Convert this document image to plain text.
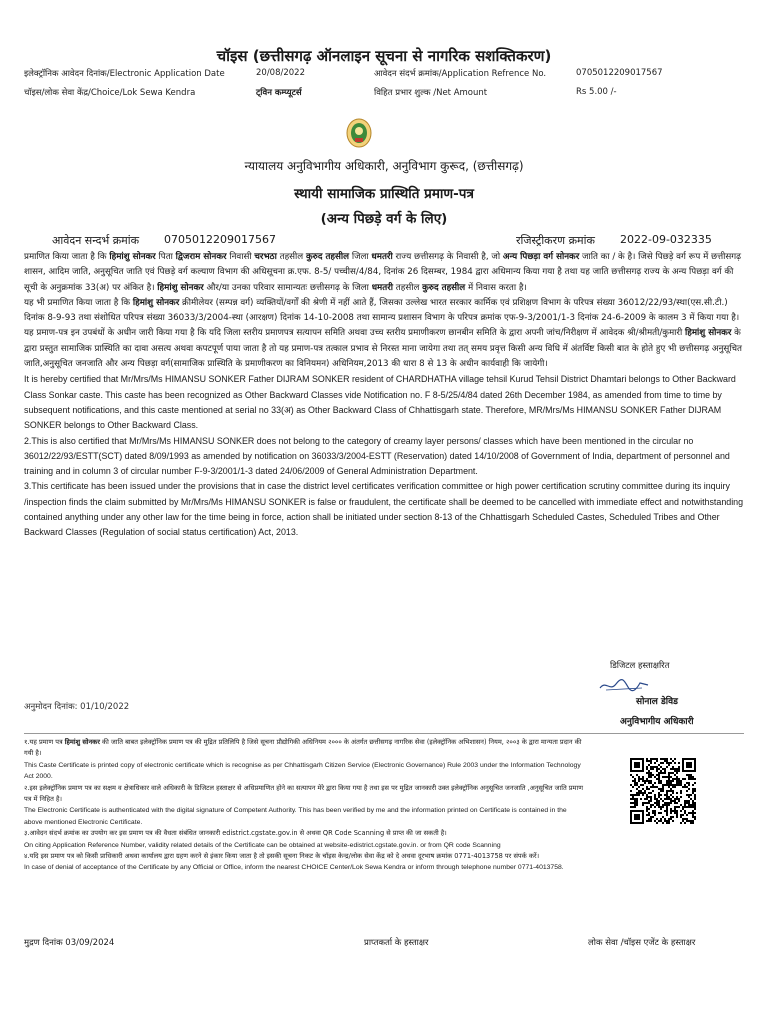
चॉइस (छत्तीसगढ़ ऑनलाइन सूचना से नागरिक सशक्तिकरण)
इलेक्ट्रॉनिक आवेदन दिनांक/Electronic Application Date	20/08/2022	आवेदन संदर्भ क्रमांक/Application Refrence No.	070501220901756​7
चॉइस/लोक सेवा केंद्र/Choice/Lok Sewa Kendra	ट्विन कम्प्यूटर्स	विहित प्रभार शुल्क /Net Amount	Rs 5.00 /-
न्यायालय अनुविभागीय अधिकारी, अनुविभाग कुरूद, (छत्तीसगढ़)
स्थायी सामाजिक प्रास्थिति प्रमाण-पत्र
(अन्य पिछड़े वर्ग के लिए)
आवेदन सन्दर्भ क्रमांक 0705012209017567	रजिस्ट्रीकरण क्रमांक 2022-09-032335

प्रमाणित किया जाता है कि हिमांशु सोनकर पिता द्विजराम सोनकर निवासी चरभठा तहसील कुरुद तहसील जिला धमतरी राज्य छत्तीसगढ़ के निवासी है, जो अन्य पिछड़ा वर्ग सोनकर जाति का / के है। जिसे पिछड़े वर्ग रूप में छत्तीसगढ़ शासन, आदिम जाति, अनुसूचित जाति एवं पिछड़े वर्ग कल्याण विभाग की अधिसूचना क्र.एफ. 8-5/ पच्चीस/4/84, दिनांक 26 दिसम्बर, 1984 द्वारा अधिमान्य किया गया है तथा यह जाति छत्तीसगढ़ राज्य के अन्य पिछड़ा वर्ग की सूची के अनुक्रमांक 33(अ) पर अंकित है। हिमांशु सोनकर और/या उनका परिवार सामान्यतः छत्तीसगढ़ के जिला धमतरी तहसील कुरुद तहसील में निवास करता है।

यह भी प्रमाणित किया जाता है कि हिमांशु सोनकर क्रीमीलेयर (सम्पन्न वर्ग) व्यक्तियों/वर्गों की श्रेणी में नहीं आते हैं, जिसका उल्लेख भारत सरकार कार्मिक एवं प्रशिक्षण विभाग के परिपत्र संख्या 36012/22/93/स्था(एस.सी.टी.) दिनांक 8-9-93 तथा संशोधित परिपत्र संख्या 36033/3/2004-स्था (आरक्षण) दिनांक 14-10-2008 तथा सामान्य प्रशासन विभाग के परिपत्र क्रमांक एफ-9-3/2001/1-3 दिनांक 24-6-2009 के कालम 3 में किया गया है।

यह प्रमाण-पत्र इन उपबंधों के अधीन जारी किया गया है कि यदि जिला स्तरीय प्रमाणपत्र सत्यापन समिति अथवा उच्च स्तरीय प्रमाणीकरण छानबीन समिति के द्वारा अपनी जांच/निरीक्षण में आवेदक श्री/श्रीमती/कुमारी हिमांशु सोनकर के द्वारा प्रस्तुत सामाजिक प्रास्थिति का दावा असत्य अथवा कपटपूर्ण पाया जाता है तो यह प्रमाण-पत्र तत्काल प्रभाव से निरस्त माना जायेगा तथा तत् समय प्रवृत्त किसी अन्य विधि में अंतर्विष्ट किसी बात के होते हुए भी छत्तीसगढ़ अनुसूचित जाति,अनुसूचित जनजाति और अन्य पिछड़ा वर्ग(सामाजिक प्रास्थिति के प्रमाणीकरण का विनियमन) अधिनियम,2013 की धारा 8 से 13 के अधीन कार्यवाही कि जायेगी।

It is hereby certified that Mr/Mrs/Ms HIMANSU SONKER Father DIJRAM SONKER resident of CHARDHATHA village tehsil Kurud Tehsil District Dhamtari belongs to Other Backward Class Sonkar caste. This caste has been recognized as Other Backward Classes vide Notification no. F 8-5/25/4/84 dated 26th December 1984, as amended from time to time by subsequent notifications, and this caste mentioned at serial no 33(अ) as Other Backward Class of Chhattisgarh state. Therefore, MR/Mrs/Ms HIMANSU SONKER Father DIJRAM SONKER belongs to Other Backward Class.

2.This is also certified that Mr/Mrs/Ms HIMANSU SONKER does not belong to the category of creamy layer persons/ classes which have been mentioned in the circular no 36012/22/93/ESTT(SCT) dated 8/09/1993 as amended by notification on 36033/3/2004-ESTT (Reservation) dated 14/10/2008 of Government of India, department of personnel and training and in column 3 of circular number F-9-3/2001/1-3 dated 24/06/2009 of General Administration Department.

3.This certificate has been issued under the provisions that in case the district level certificates verification committee or high power certification scrutiny committee during its inquiry /inspection finds the claim submitted by Mr/Mrs/Ms HIMANSU SONKER is false or fraudulent, the certificate shall be deemed to be cancelled with immediate effect and notwithstanding contained anything under any other law for the time being in force, action shall be initiated under section 8-13 of the Chhattisgarh Scheduled Castes, Scheduled Tribes and Other Backward Classes (Regulation of social status certification) Act, 2013.

डिजिटल हस्ताक्षरित
सोनाल डेविड
अनुविभागीय अधिकारी
अनुमोदन दिनांक: 01/10/2022

१.यह प्रमाण पत्र हिमांशु सोनकर की जाति बाबत इलेक्ट्रॉनिक प्रमाण पत्र की मुद्रित प्रतिलिपि है जिसे सूचना प्रौद्योगिकी अधिनियम २००० के अंतर्गत छत्तीसगढ़ नागरिक सेवा (इलेक्ट्रॉनिक अभिशासन) नियम, २००३ के द्वारा मान्यता प्रदान की गयी है।

This Caste Certificate is printed copy of electronic certificate which is recognise as per Chhattisgarh Citizen Service (Electronic Governance) Rule 2003 under the Information Technology Act 2000.

२.इस इलेक्ट्रॉनिक प्रमाण पत्र का सक्षम व क्षेत्राधिकार वाले अधिकारी के डिजिटल हस्ताक्षर से अधिप्रमाणित होने का सत्यापन मेरे द्वारा किया गया है तथा इस पर मुद्रित जानकारी उक्त इलेक्ट्रॉनिक अनुसूचित जनजाति ,अनुसूचित जाति प्रमाण पत्र में निहित है।

The Electronic Certificate is authenticated with the digital signature of Competent Authority. This has been verified by me and the information printed on Certificate is contained in the above mentioned Electronic Certificate.

३.आवेदन संदर्भ क्रमांक का उपयोग कर इस प्रमाण पत्र की वैधता संबंधित जानकारी edistrict.cgstate.gov.in से अथवा QR Code Scanning से प्राप्त की जा सकती है।

On citing Application Reference Number, validity related details of the Certificate can be obtained at website-edistrict.cgstate.gov.in. or from QR code Scanning

४.यदि इस प्रमाण पत्र को किसी प्राधिकारी अथवा कार्यालय द्वारा ग्रहण करने से इंकार किया जाता है तो इसकी सूचना निकट के चॉइस केन्द्र/लोक सेवा केंद्र को दे अथवा दूरभाष क्रमांक 0771-4013758 पर संपर्क करें।

In case of denial of acceptance of the Certificate by any Official or Office, inform the nearest CHOICE Center/Lok Sewa Kendra or inform through telephone number 0771-4013758.

मुद्रण दिनांक 03/09/2024	प्राप्तकर्ता के हस्ताक्षर	लोक सेवा /चॉइस एजेंट के हस्ताक्षर
